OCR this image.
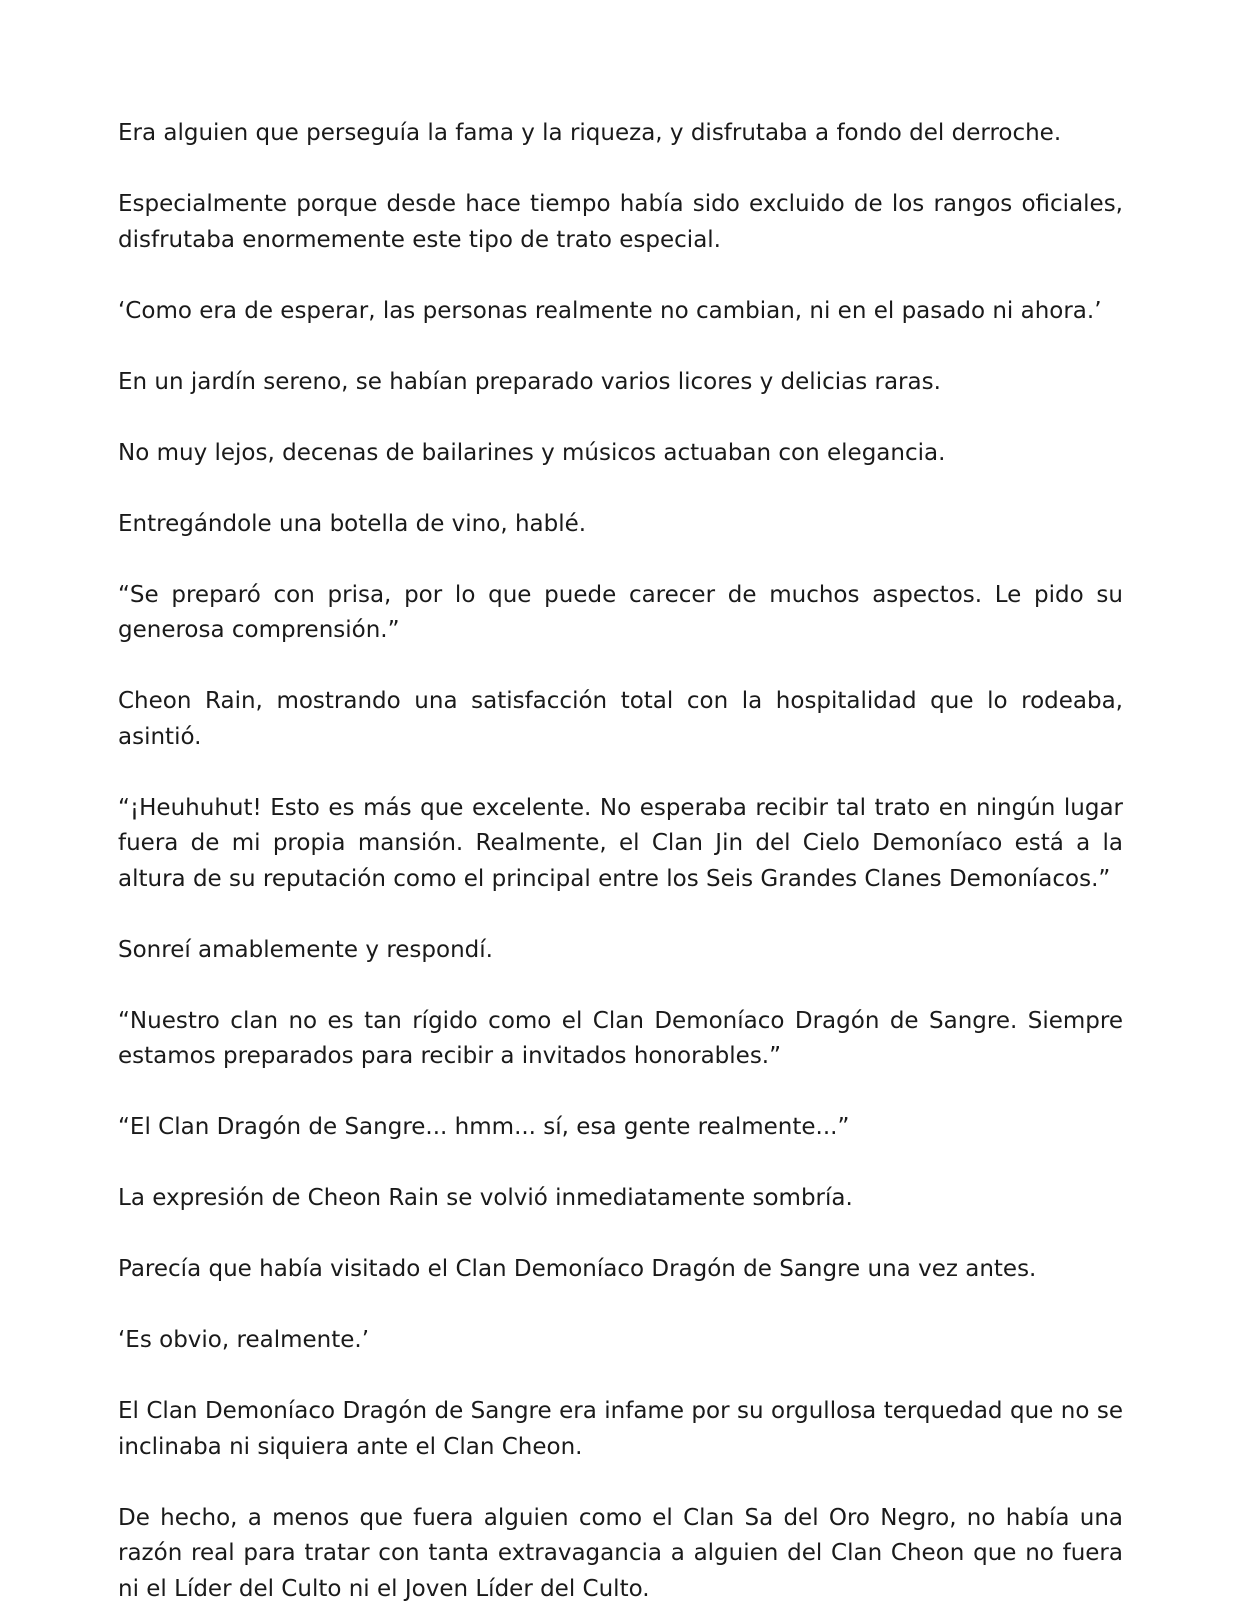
Era alguien que perseguía la fama y la riqueza, y disfrutaba a fondo del derroche.

Especialmente porque desde hace tiempo había sido excluido de los rangos oficiales, disfrutaba enormemente este tipo de trato especial.

‘Como era de esperar, las personas realmente no cambian, ni en el pasado ni ahora.’

En un jardín sereno, se habían preparado varios licores y delicias raras.

No muy lejos, decenas de bailarines y músicos actuaban con elegancia.

Entregándole una botella de vino, hablé.

“Se preparó con prisa, por lo que puede carecer de muchos aspectos. Le pido su generosa comprensión.”

Cheon Rain, mostrando una satisfacción total con la hospitalidad que lo rodeaba, asintió.

“¡Heuhuhut! Esto es más que excelente. No esperaba recibir tal trato en ningún lugar fuera de mi propia mansión. Realmente, el Clan Jin del Cielo Demoníaco está a la altura de su reputación como el principal entre los Seis Grandes Clanes Demoníacos.”

Sonreí amablemente y respondí.

“Nuestro clan no es tan rígido como el Clan Demoníaco Dragón de Sangre. Siempre estamos preparados para recibir a invitados honorables.”

“El Clan Dragón de Sangre... hmm... sí, esa gente realmente...”

La expresión de Cheon Rain se volvió inmediatamente sombría.

Parecía que había visitado el Clan Demoníaco Dragón de Sangre una vez antes.

‘Es obvio, realmente.’

El Clan Demoníaco Dragón de Sangre era infame por su orgullosa terquedad que no se inclinaba ni siquiera ante el Clan Cheon.

De hecho, a menos que fuera alguien como el Clan Sa del Oro Negro, no había una razón real para tratar con tanta extravagancia a alguien del Clan Cheon que no fuera ni el Líder del Culto ni el Joven Líder del Culto.
